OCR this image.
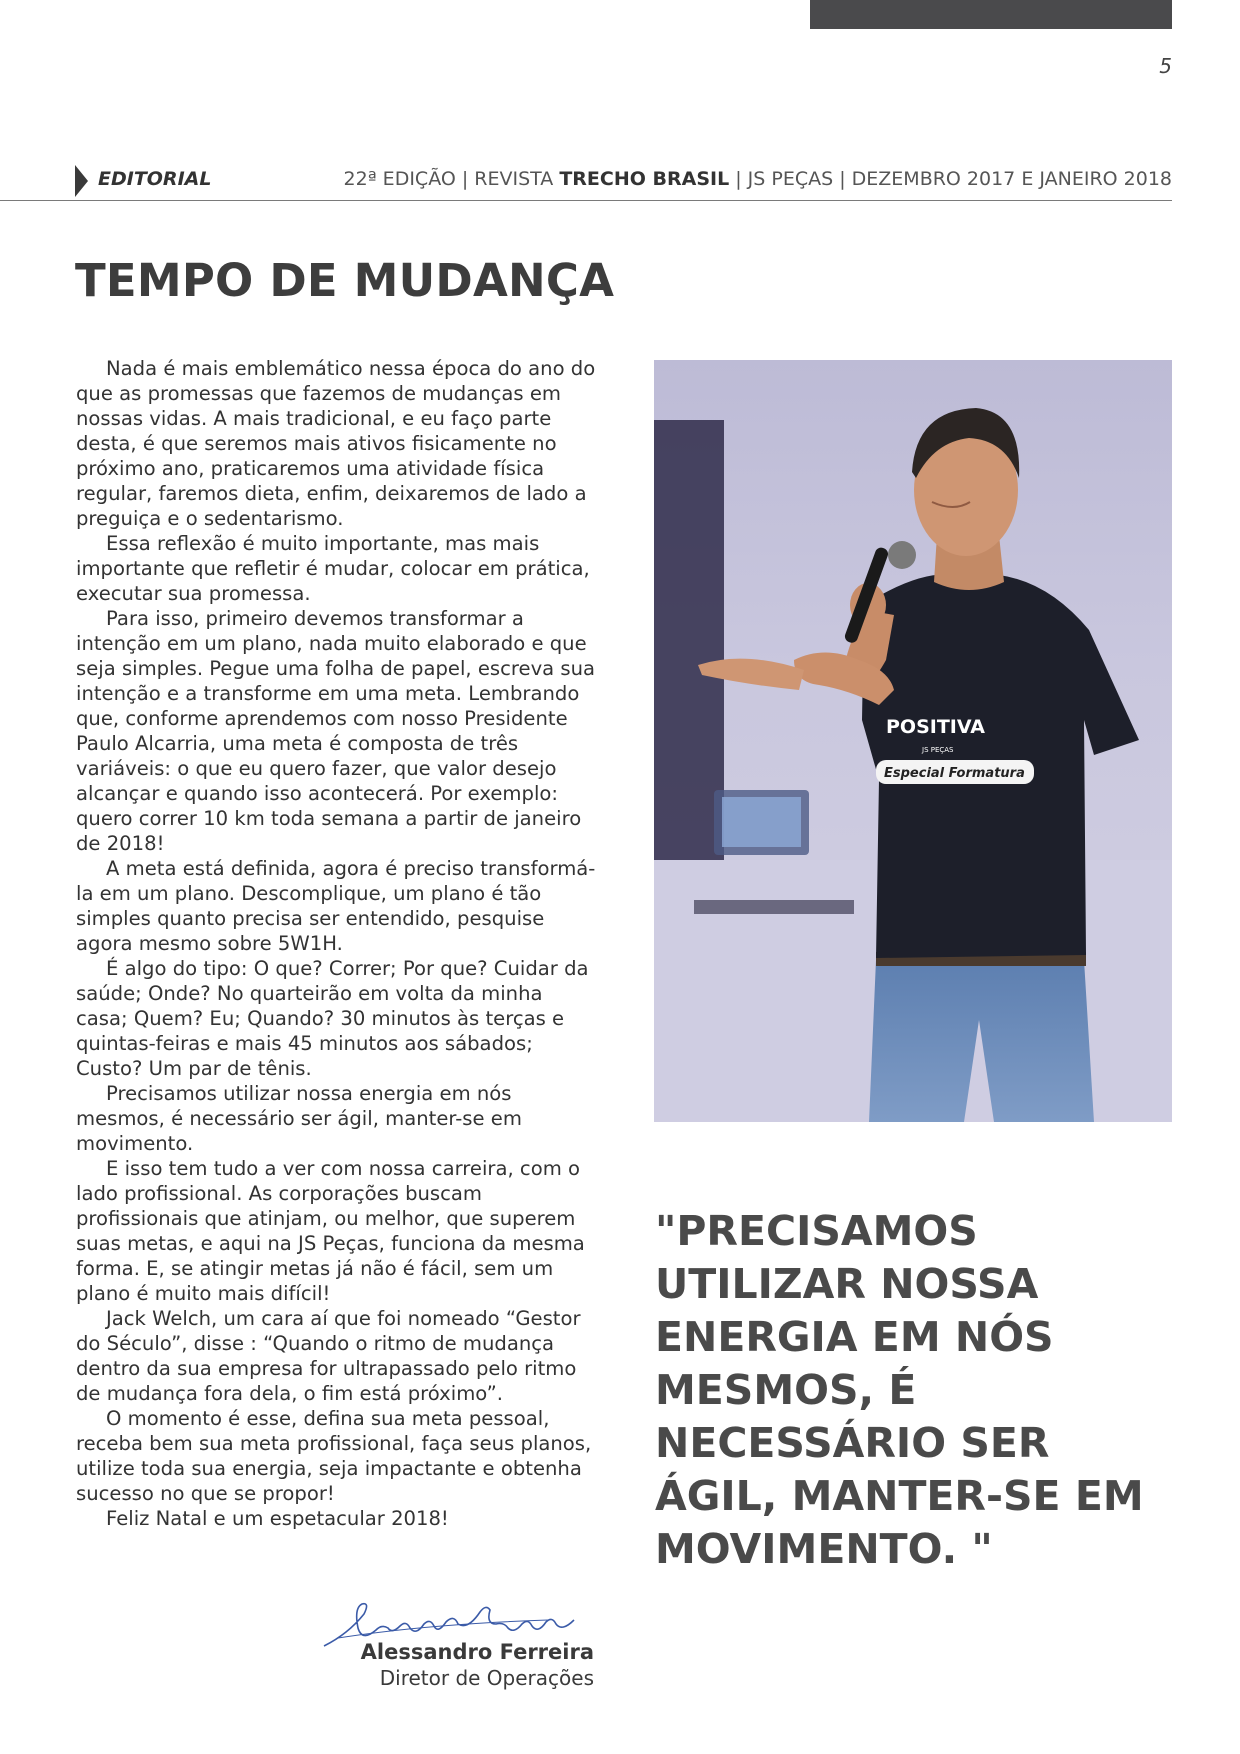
5
EDITORIAL	22ª EDIÇÃO | REVISTA TRECHO BRASIL | JS PEÇAS | DEZEMBRO 2017 E JANEIRO 2018
TEMPO DE MUDANÇA

Nada é mais emblemático nessa época do ano do que as promessas que fazemos de mudanças em nossas vidas. A mais tradicional, e eu faço parte desta, é que seremos mais ativos fisicamente no próximo ano, praticaremos uma atividade física regular, faremos dieta, enfim, deixaremos de lado a preguiça e o sedentarismo.

Essa reflexão é muito importante, mas mais importante que refletir é mudar, colocar em prática, executar sua promessa.

Para isso, primeiro devemos transformar a intenção em um plano, nada muito elaborado e que seja simples. Pegue uma folha de papel, escreva sua intenção e a transforme em uma meta. Lembrando que, conforme aprendemos com nosso Presidente Paulo Alcarria, uma meta é composta de três variáveis: o que eu quero fazer, que valor desejo alcançar e quando isso acontecerá. Por exemplo: quero correr 10 km toda semana a partir de janeiro de 2018!

A meta está definida, agora é preciso transformá-la em um plano. Descomplique, um plano é tão simples quanto precisa ser entendido, pesquise agora mesmo sobre 5W1H.

É algo do tipo: O que? Correr; Por que? Cuidar da saúde; Onde? No quarteirão em volta da minha casa; Quem? Eu; Quando? 30 minutos às terças e quintas-feiras e mais 45 minutos aos sábados; Custo? Um par de tênis.

Precisamos utilizar nossa energia em nós mesmos, é necessário ser ágil, manter-se em movimento.

E isso tem tudo a ver com nossa carreira, com o lado profissional. As corporações buscam profissionais que atinjam, ou melhor, que superem suas metas, e aqui na JS Peças, funciona da mesma forma. E, se atingir metas já não é fácil, sem um plano é muito mais difícil!

Jack Welch, um cara aí que foi nomeado “Gestor do Século”, disse : “Quando o ritmo de mudança dentro da sua empresa for ultrapassado pelo ritmo de mudança fora dela, o fim está próximo”.

O momento é esse, defina sua meta pessoal, receba bem sua meta profissional, faça seus planos, utilize toda sua energia, seja impactante e obtenha sucesso no que se propor!

Feliz Natal e um espetacular 2018!

POSITIVA
JS PEÇAS
Especial Formatura
"PRECISAMOS UTILIZAR NOSSA ENERGIA EM NÓS MESMOS, É NECESSÁRIO SER ÁGIL, MANTER-SE EM MOVIMENTO. "
Alessandro Ferreira
Diretor de Operações
